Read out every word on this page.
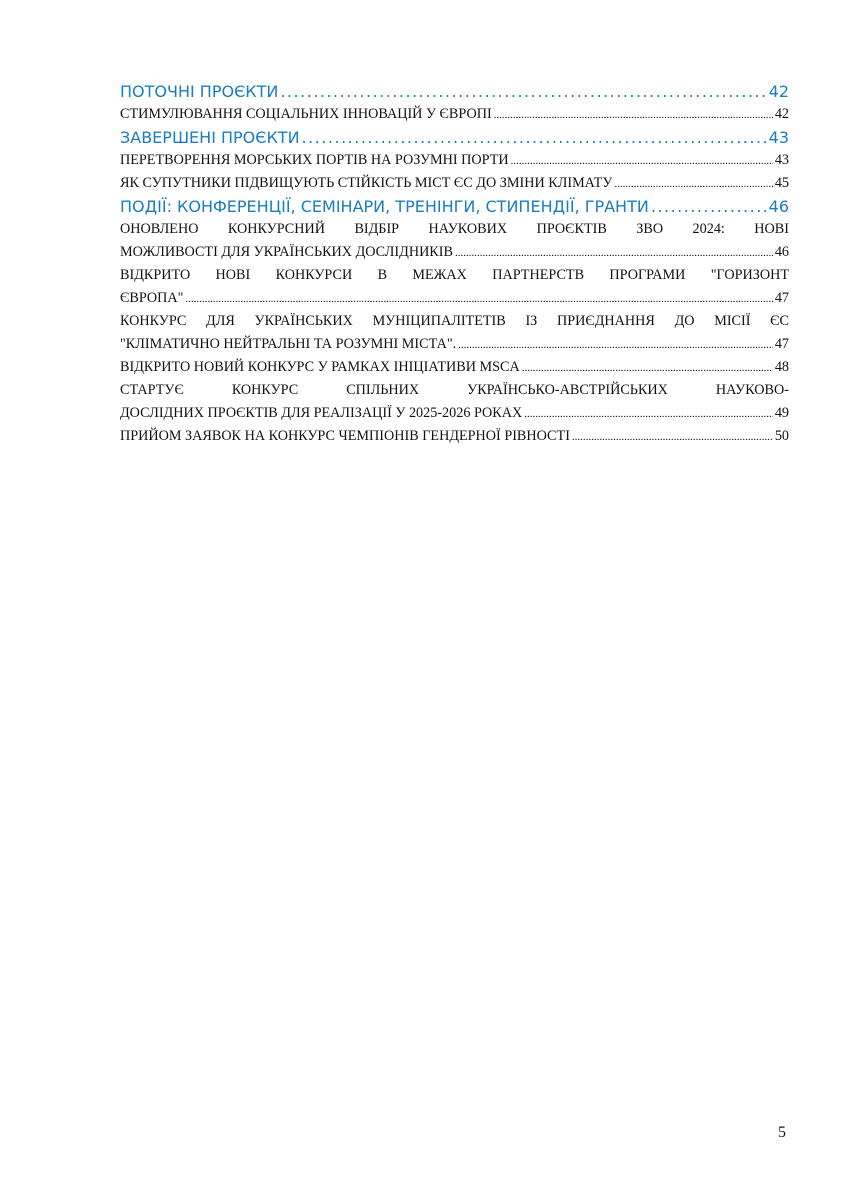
ПОТОЧНІ ПРОЄКТИ .....	42
СТИМУЛЮВАННЯ СОЦІАЛЬНИХ ІННОВАЦІЙ У ЄВРОПІ .....	42
ЗАВЕРШЕНІ ПРОЄКТИ .....	43
ПЕРЕТВОРЕННЯ МОРСЬКИХ ПОРТІВ НА РОЗУМНІ ПОРТИ .....	43
ЯК СУПУТНИКИ ПІДВИЩУЮТЬ СТІЙКІСТЬ МІСТ ЄС ДО ЗМІНИ КЛІМАТУ .....	45
ПОДІЇ: КОНФЕРЕНЦІЇ, СЕМІНАРИ, ТРЕНІНГИ, СТИПЕНДІЇ, ГРАНТИ .....	46
ОНОВЛЕНО КОНКУРСНИЙ ВІДБІР НАУКОВИХ ПРОЄКТІВ ЗВО 2024: НОВІ
МОЖЛИВОСТІ ДЛЯ УКРАЇНСЬКИХ ДОСЛІДНИКІВ .....	46
ВІДКРИТО НОВІ КОНКУРСИ В МЕЖАХ ПАРТНЕРСТВ ПРОГРАМИ "ГОРИЗОНТ
ЄВРОПА" .....	47
КОНКУРС ДЛЯ УКРАЇНСЬКИХ МУНІЦИПАЛІТЕТІВ ІЗ ПРИЄДНАННЯ ДО МІСІЇ ЄС
"КЛІМАТИЧНО НЕЙТРАЛЬНІ ТА РОЗУМНІ МІСТА". .....	47
ВІДКРИТО НОВИЙ КОНКУРС У РАМКАХ ІНІЦІАТИВИ MSCA .....	48
СТАРТУЄ КОНКУРС СПІЛЬНИХ УКРАЇНСЬКО-АВСТРІЙСЬКИХ НАУКОВО-
ДОСЛІДНИХ ПРОЄКТІВ ДЛЯ РЕАЛІЗАЦІЇ У 2025-2026 РОКАХ .....	49
ПРИЙОМ ЗАЯВОК НА КОНКУРС ЧЕМПІОНІВ ГЕНДЕРНОЇ РІВНОСТІ .....	50
5
